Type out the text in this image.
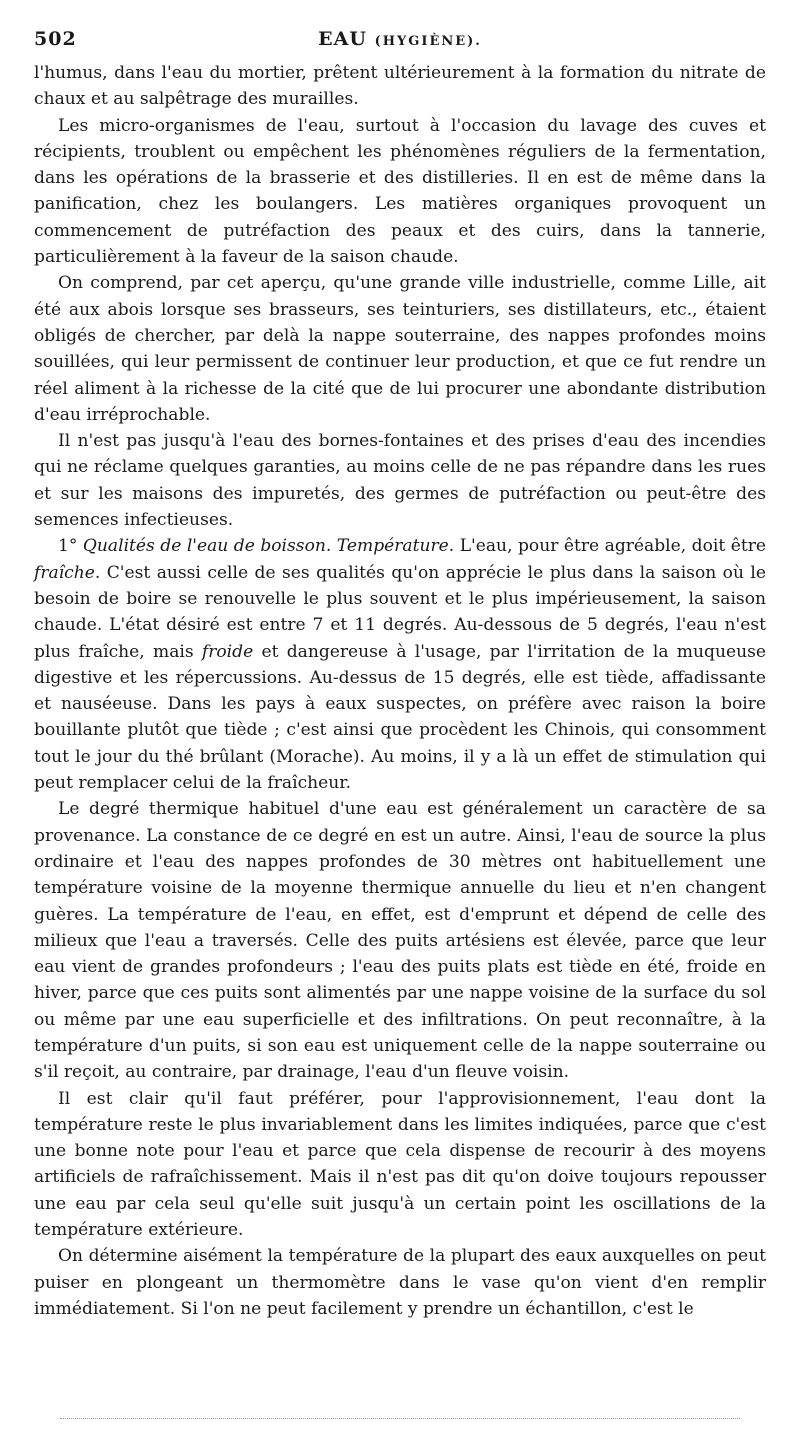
502	EAU (HYGIÈNE).

l'humus, dans l'eau du mortier, prêtent ultérieurement à la formation du nitrate de chaux et au salpêtrage des murailles.

Les micro-organismes de l'eau, surtout à l'occasion du lavage des cuves et récipients, troublent ou empêchent les phénomènes réguliers de la fermentation, dans les opérations de la brasserie et des distilleries. Il en est de même dans la panification, chez les boulangers. Les matières organiques provoquent un commencement de putréfaction des peaux et des cuirs, dans la tannerie, particulièrement à la faveur de la saison chaude.

On comprend, par cet aperçu, qu'une grande ville industrielle, comme Lille, ait été aux abois lorsque ses brasseurs, ses teinturiers, ses distillateurs, etc., étaient obligés de chercher, par delà la nappe souterraine, des nappes profondes moins souillées, qui leur permissent de continuer leur production, et que ce fut rendre un réel aliment à la richesse de la cité que de lui procurer une abondante distribution d'eau irréprochable.

Il n'est pas jusqu'à l'eau des bornes-fontaines et des prises d'eau des incendies qui ne réclame quelques garanties, au moins celle de ne pas répandre dans les rues et sur les maisons des impuretés, des germes de putréfaction ou peut-être des semences infectieuses.

1° Qualités de l'eau de boisson. Température. L'eau, pour être agréable, doit être fraîche. C'est aussi celle de ses qualités qu'on apprécie le plus dans la saison où le besoin de boire se renouvelle le plus souvent et le plus impérieusement, la saison chaude. L'état désiré est entre 7 et 11 degrés. Au-dessous de 5 degrés, l'eau n'est plus fraîche, mais froide et dangereuse à l'usage, par l'irritation de la muqueuse digestive et les répercussions. Au-dessus de 15 degrés, elle est tiède, affadissante et nauséeuse. Dans les pays à eaux suspectes, on préfère avec raison la boire bouillante plutôt que tiède ; c'est ainsi que procèdent les Chinois, qui consomment tout le jour du thé brûlant (Morache). Au moins, il y a là un effet de stimulation qui peut remplacer celui de la fraîcheur.

Le degré thermique habituel d'une eau est généralement un caractère de sa provenance. La constance de ce degré en est un autre. Ainsi, l'eau de source la plus ordinaire et l'eau des nappes profondes de 30 mètres ont habituellement une température voisine de la moyenne thermique annuelle du lieu et n'en changent guères. La température de l'eau, en effet, est d'emprunt et dépend de celle des milieux que l'eau a traversés. Celle des puits artésiens est élevée, parce que leur eau vient de grandes profondeurs ; l'eau des puits plats est tiède en été, froide en hiver, parce que ces puits sont alimentés par une nappe voisine de la surface du sol ou même par une eau superficielle et des infiltrations. On peut reconnaître, à la température d'un puits, si son eau est uniquement celle de la nappe souterraine ou s'il reçoit, au contraire, par drainage, l'eau d'un fleuve voisin.

Il est clair qu'il faut préférer, pour l'approvisionnement, l'eau dont la température reste le plus invariablement dans les limites indiquées, parce que c'est une bonne note pour l'eau et parce que cela dispense de recourir à des moyens artificiels de rafraîchissement. Mais il n'est pas dit qu'on doive toujours repousser une eau par cela seul qu'elle suit jusqu'à un certain point les oscillations de la température extérieure.

On détermine aisément la température de la plupart des eaux auxquelles on peut puiser en plongeant un thermomètre dans le vase qu'on vient d'en remplir immédiatement. Si l'on ne peut facilement y prendre un échantillon, c'est le
